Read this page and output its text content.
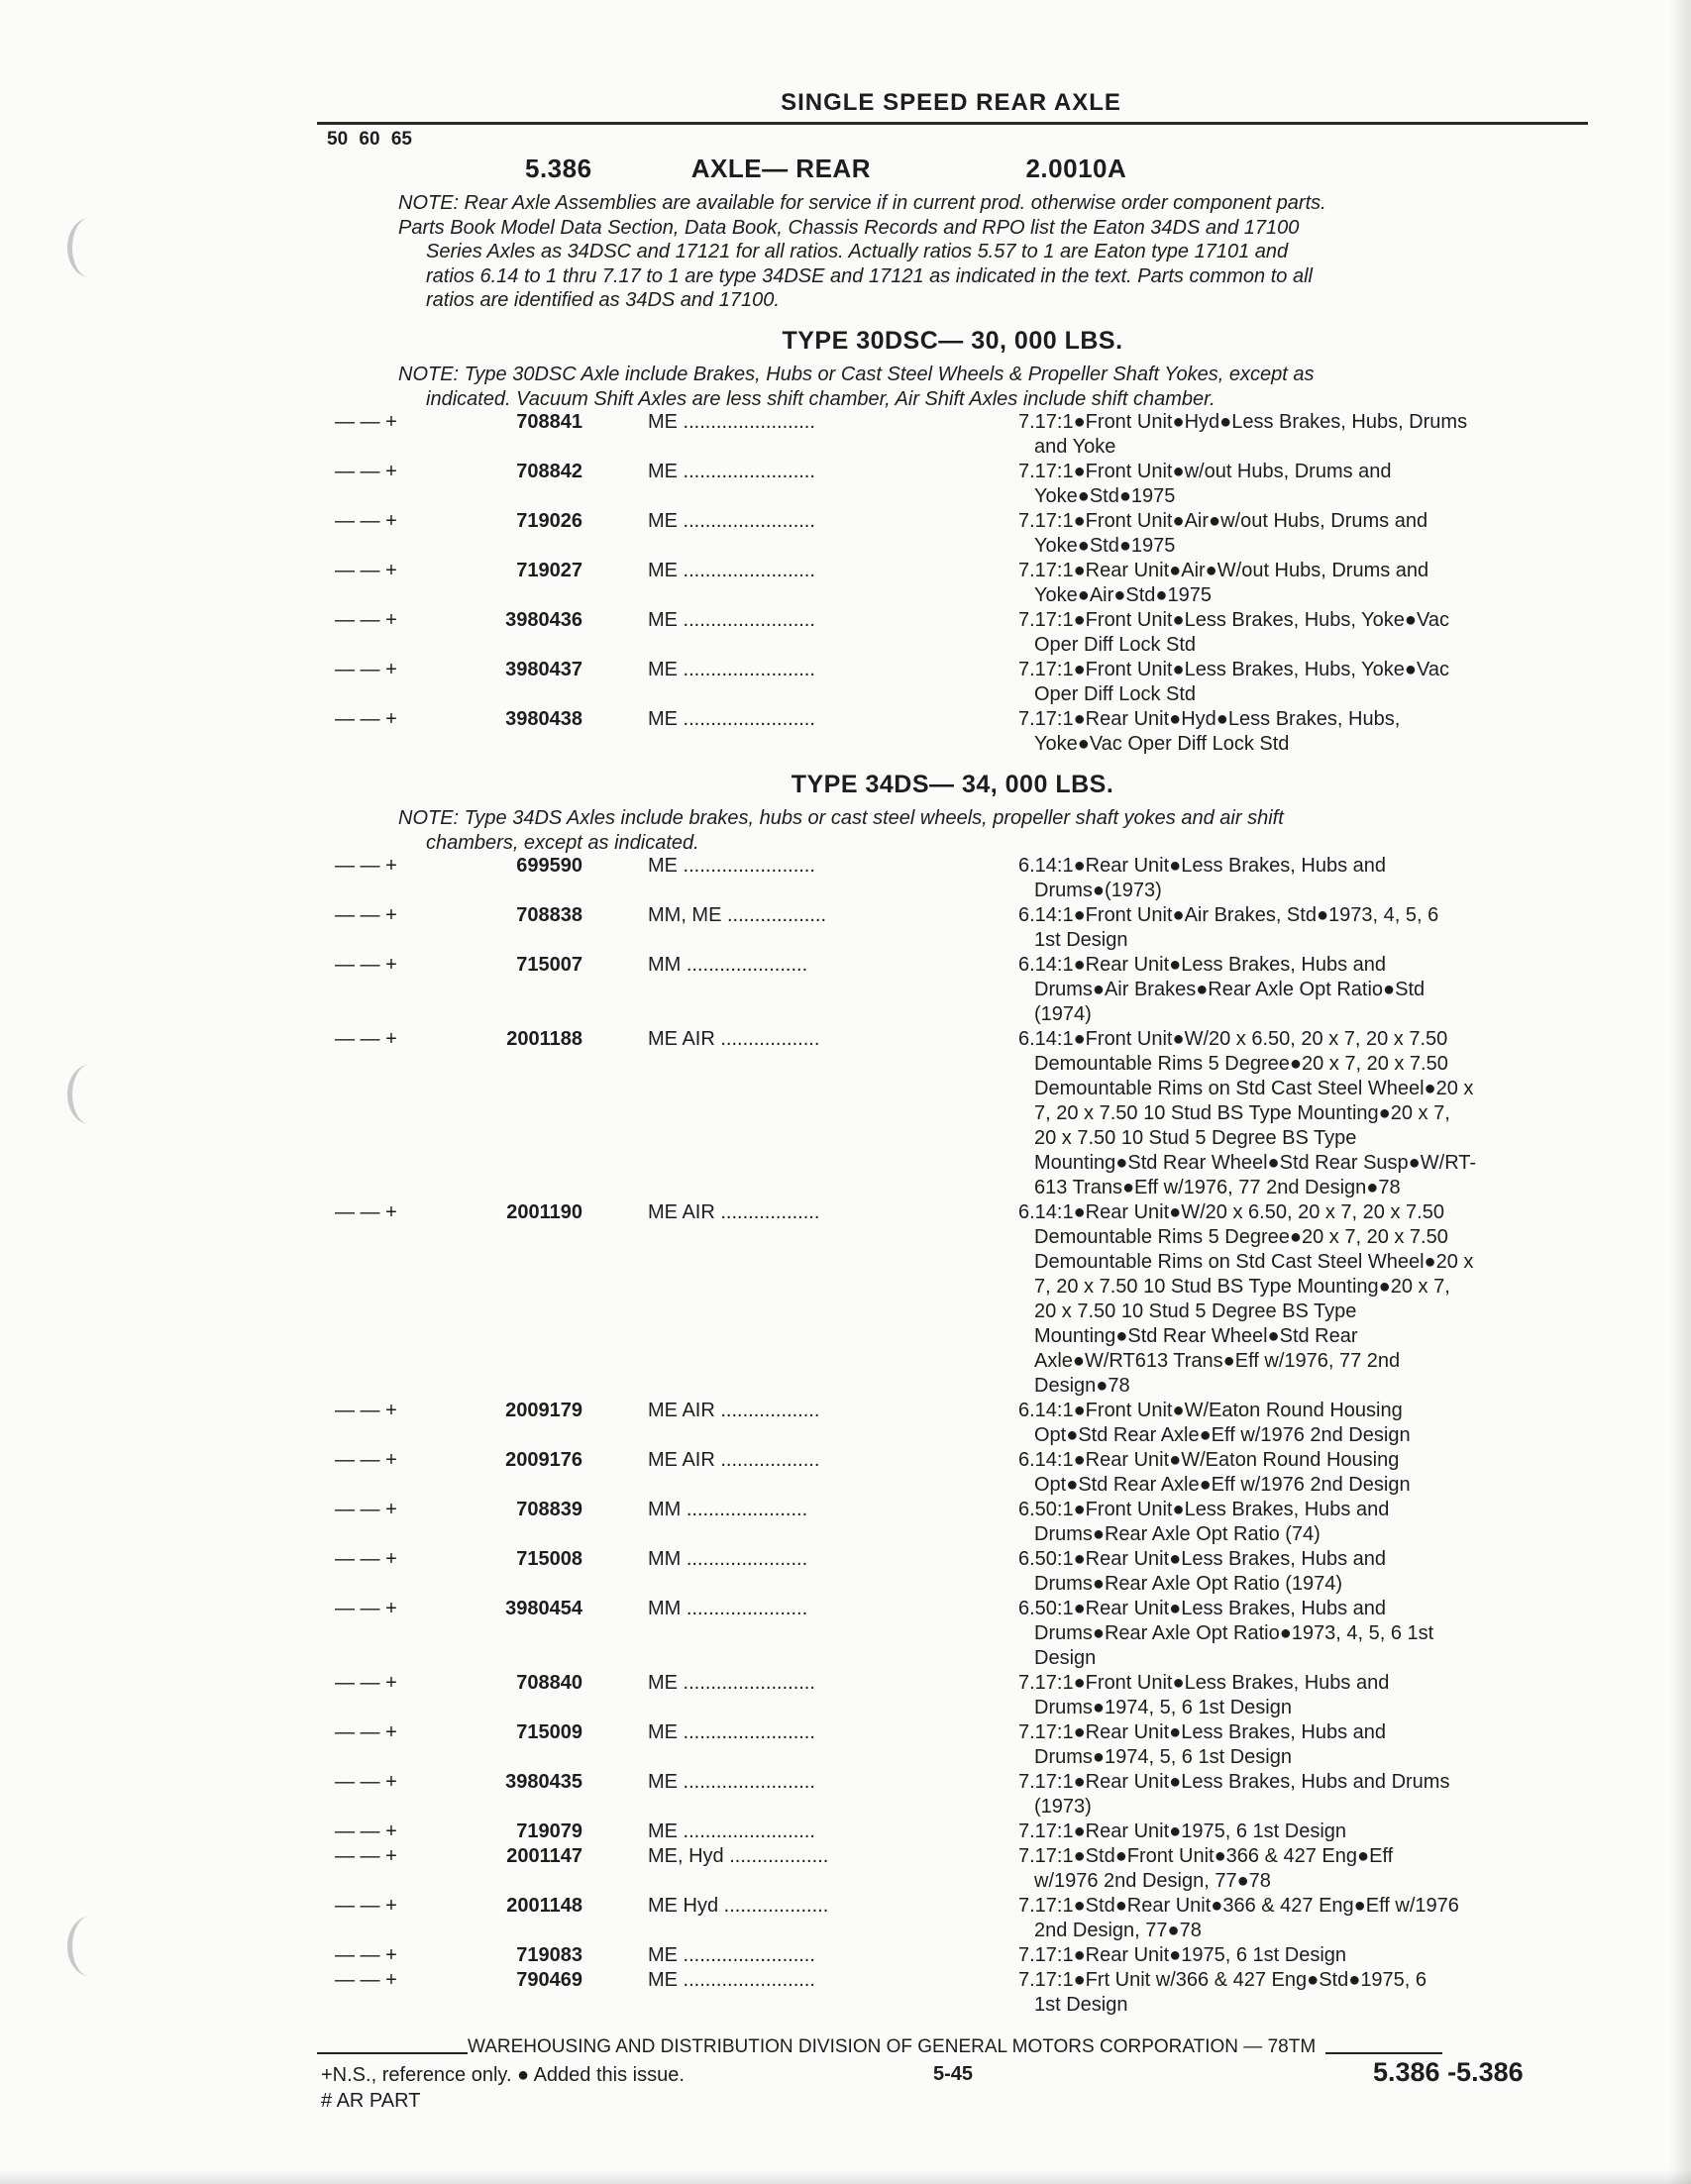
SINGLE SPEED REAR AXLE
50 60 65
5.386	AXLE— REAR	2.0010A
NOTE: Rear Axle Assemblies are available for service if in current prod. otherwise order component parts.
Parts Book Model Data Section, Data Book, Chassis Records and RPO list the Eaton 34DS and 17100
Series Axles as 34DSC and 17121 for all ratios. Actually ratios 5.57 to 1 are Eaton type 17101 and
ratios 6.14 to 1 thru 7.17 to 1 are type 34DSE and 17121 as indicated in the text. Parts common to all
ratios are identified as 34DS and 17100.
TYPE 30DSC— 30, 000 LBS.
NOTE: Type 30DSC Axle include Brakes, Hubs or Cast Steel Wheels & Propeller Shaft Yokes, except as
indicated. Vacuum Shift Axles are less shift chamber, Air Shift Axles include shift chamber.
— — +	708841	ME ........................	7.17:1●Front Unit●Hyd●Less Brakes, Hubs, Drums
and Yoke
— — +	708842	ME ........................	7.17:1●Front Unit●w/out Hubs, Drums and
Yoke●Std●1975
— — +	719026	ME ........................	7.17:1●Front Unit●Air●w/out Hubs, Drums and
Yoke●Std●1975
— — +	719027	ME ........................	7.17:1●Rear Unit●Air●W/out Hubs, Drums and
Yoke●Air●Std●1975
— — +	3980436	ME ........................	7.17:1●Front Unit●Less Brakes, Hubs, Yoke●Vac
Oper Diff Lock Std
— — +	3980437	ME ........................	7.17:1●Front Unit●Less Brakes, Hubs, Yoke●Vac
Oper Diff Lock Std
— — +	3980438	ME ........................	7.17:1●Rear Unit●Hyd●Less Brakes, Hubs,
Yoke●Vac Oper Diff Lock Std
TYPE 34DS— 34, 000 LBS.
NOTE: Type 34DS Axles include brakes, hubs or cast steel wheels, propeller shaft yokes and air shift
chambers, except as indicated.
— — +	699590	ME ........................	6.14:1●Rear Unit●Less Brakes, Hubs and
Drums●(1973)
— — +	708838	MM, ME ..................	6.14:1●Front Unit●Air Brakes, Std●1973, 4, 5, 6
1st Design
— — +	715007	MM ......................	6.14:1●Rear Unit●Less Brakes, Hubs and
Drums●Air Brakes●Rear Axle Opt Ratio●Std
(1974)
— — +	2001188	ME AIR ..................	6.14:1●Front Unit●W/20 x 6.50, 20 x 7, 20 x 7.50
Demountable Rims 5 Degree●20 x 7, 20 x 7.50
Demountable Rims on Std Cast Steel Wheel●20 x
7, 20 x 7.50 10 Stud BS Type Mounting●20 x 7,
20 x 7.50 10 Stud 5 Degree BS Type
Mounting●Std Rear Wheel●Std Rear Susp●W/RT-
613 Trans●Eff w/1976, 77 2nd Design●78
— — +	2001190	ME AIR ..................	6.14:1●Rear Unit●W/20 x 6.50, 20 x 7, 20 x 7.50
Demountable Rims 5 Degree●20 x 7, 20 x 7.50
Demountable Rims on Std Cast Steel Wheel●20 x
7, 20 x 7.50 10 Stud BS Type Mounting●20 x 7,
20 x 7.50 10 Stud 5 Degree BS Type
Mounting●Std Rear Wheel●Std Rear
Axle●W/RT613 Trans●Eff w/1976, 77 2nd
Design●78
— — +	2009179	ME AIR ..................	6.14:1●Front Unit●W/Eaton Round Housing
Opt●Std Rear Axle●Eff w/1976 2nd Design
— — +	2009176	ME AIR ..................	6.14:1●Rear Unit●W/Eaton Round Housing
Opt●Std Rear Axle●Eff w/1976 2nd Design
— — +	708839	MM ......................	6.50:1●Front Unit●Less Brakes, Hubs and
Drums●Rear Axle Opt Ratio (74)
— — +	715008	MM ......................	6.50:1●Rear Unit●Less Brakes, Hubs and
Drums●Rear Axle Opt Ratio (1974)
— — +	3980454	MM ......................	6.50:1●Rear Unit●Less Brakes, Hubs and
Drums●Rear Axle Opt Ratio●1973, 4, 5, 6 1st
Design
— — +	708840	ME ........................	7.17:1●Front Unit●Less Brakes, Hubs and
Drums●1974, 5, 6 1st Design
— — +	715009	ME ........................	7.17:1●Rear Unit●Less Brakes, Hubs and
Drums●1974, 5, 6 1st Design
— — +	3980435	ME ........................	7.17:1●Rear Unit●Less Brakes, Hubs and Drums
(1973)
— — +	719079	ME ........................	7.17:1●Rear Unit●1975, 6 1st Design
— — +	2001147	ME, Hyd ..................	7.17:1●Std●Front Unit●366 & 427 Eng●Eff
w/1976 2nd Design, 77●78
— — +	2001148	ME Hyd ...................	7.17:1●Std●Rear Unit●366 & 427 Eng●Eff w/1976
2nd Design, 77●78
— — +	719083	ME ........................	7.17:1●Rear Unit●1975, 6 1st Design
— — +	790469	ME ........................	7.17:1●Frt Unit w/366 & 427 Eng●Std●1975, 6
1st Design
WAREHOUSING AND DISTRIBUTION DIVISION OF GENERAL MOTORS CORPORATION — 78TM
+N.S., reference only. ● Added this issue.
# AR PART
5-45	5.386 -5.386
